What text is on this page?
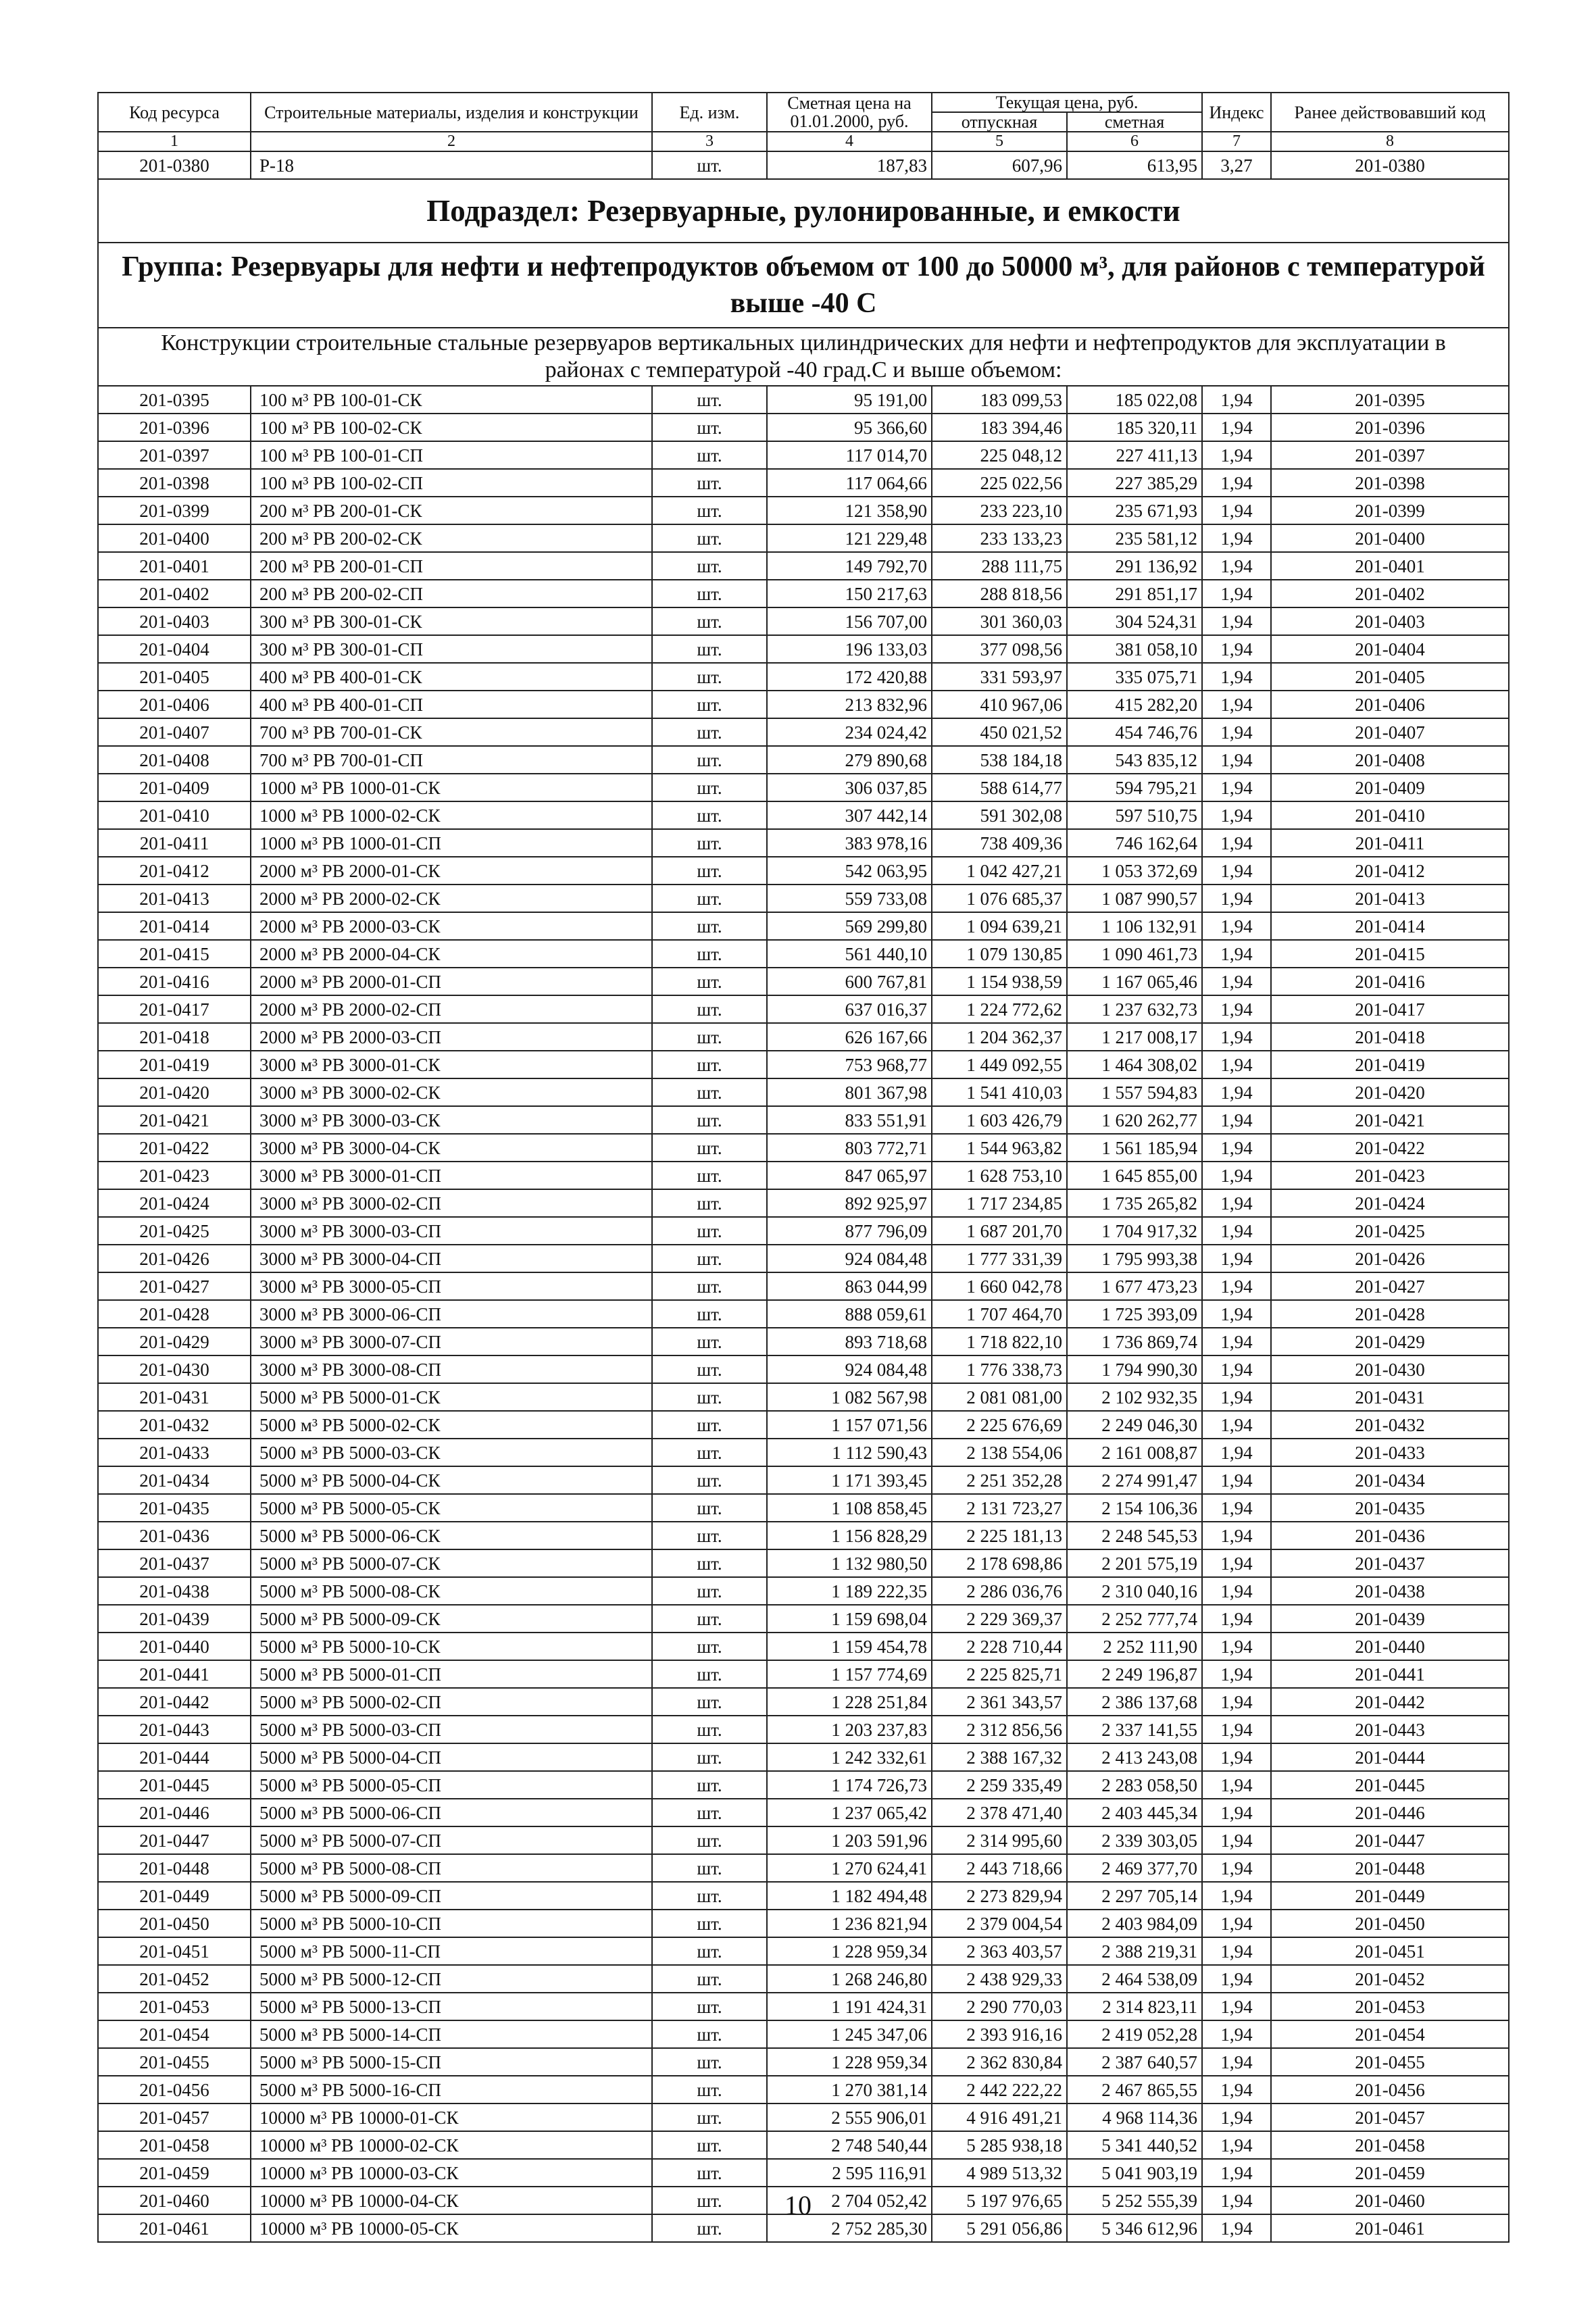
Код ресурса	Строительные материалы, изделия и конструкции	Ед. изм.	Сметная цена на 01.01.2000, руб.	Текущая цена, руб.		Индекс	Ранее действовавший код
				отпускная	сметная		
1	2	3	4	5	6	7	8
201-0380	P-18	шт.	187,83	607,96	613,95	3,27	201-0380
Подраздел: Резервуарные, рулонированные, и емкости							
Группа: Резервуары для нефти и нефтепродуктов объемом от 100 до 50000 м³, для районов с температурой выше -40 С							
Конструкции строительные стальные резервуаров вертикальных цилиндрических для нефти и нефтепродуктов для эксплуатации в районах с температурой -40 град.С и выше объемом:							
201-0395	100 м³ РВ 100-01-СК	шт.	95 191,00	183 099,53	185 022,08	1,94	201-0395
201-0396	100 м³ РВ 100-02-СК	шт.	95 366,60	183 394,46	185 320,11	1,94	201-0396
201-0397	100 м³ РВ 100-01-СП	шт.	117 014,70	225 048,12	227 411,13	1,94	201-0397
201-0398	100 м³ РВ 100-02-СП	шт.	117 064,66	225 022,56	227 385,29	1,94	201-0398
201-0399	200 м³ РВ 200-01-СК	шт.	121 358,90	233 223,10	235 671,93	1,94	201-0399
201-0400	200 м³ РВ 200-02-СК	шт.	121 229,48	233 133,23	235 581,12	1,94	201-0400
201-0401	200 м³ РВ 200-01-СП	шт.	149 792,70	288 111,75	291 136,92	1,94	201-0401
201-0402	200 м³ РВ 200-02-СП	шт.	150 217,63	288 818,56	291 851,17	1,94	201-0402
201-0403	300 м³ РВ 300-01-СК	шт.	156 707,00	301 360,03	304 524,31	1,94	201-0403
201-0404	300 м³ РВ 300-01-СП	шт.	196 133,03	377 098,56	381 058,10	1,94	201-0404
201-0405	400 м³ РВ 400-01-СК	шт.	172 420,88	331 593,97	335 075,71	1,94	201-0405
201-0406	400 м³ РВ 400-01-СП	шт.	213 832,96	410 967,06	415 282,20	1,94	201-0406
201-0407	700 м³ РВ 700-01-СК	шт.	234 024,42	450 021,52	454 746,76	1,94	201-0407
201-0408	700 м³ РВ 700-01-СП	шт.	279 890,68	538 184,18	543 835,12	1,94	201-0408
201-0409	1000 м³ РВ 1000-01-СК	шт.	306 037,85	588 614,77	594 795,21	1,94	201-0409
201-0410	1000 м³ РВ 1000-02-СК	шт.	307 442,14	591 302,08	597 510,75	1,94	201-0410
201-0411	1000 м³ РВ 1000-01-СП	шт.	383 978,16	738 409,36	746 162,64	1,94	201-0411
201-0412	2000 м³ РВ 2000-01-СК	шт.	542 063,95	1 042 427,21	1 053 372,69	1,94	201-0412
201-0413	2000 м³ РВ 2000-02-СК	шт.	559 733,08	1 076 685,37	1 087 990,57	1,94	201-0413
201-0414	2000 м³ РВ 2000-03-СК	шт.	569 299,80	1 094 639,21	1 106 132,91	1,94	201-0414
201-0415	2000 м³ РВ 2000-04-СК	шт.	561 440,10	1 079 130,85	1 090 461,73	1,94	201-0415
201-0416	2000 м³ РВ 2000-01-СП	шт.	600 767,81	1 154 938,59	1 167 065,46	1,94	201-0416
201-0417	2000 м³ РВ 2000-02-СП	шт.	637 016,37	1 224 772,62	1 237 632,73	1,94	201-0417
201-0418	2000 м³ РВ 2000-03-СП	шт.	626 167,66	1 204 362,37	1 217 008,17	1,94	201-0418
201-0419	3000 м³ РВ 3000-01-СК	шт.	753 968,77	1 449 092,55	1 464 308,02	1,94	201-0419
201-0420	3000 м³ РВ 3000-02-СК	шт.	801 367,98	1 541 410,03	1 557 594,83	1,94	201-0420
201-0421	3000 м³ РВ 3000-03-СК	шт.	833 551,91	1 603 426,79	1 620 262,77	1,94	201-0421
201-0422	3000 м³ РВ 3000-04-СК	шт.	803 772,71	1 544 963,82	1 561 185,94	1,94	201-0422
201-0423	3000 м³ РВ 3000-01-СП	шт.	847 065,97	1 628 753,10	1 645 855,00	1,94	201-0423
201-0424	3000 м³ РВ 3000-02-СП	шт.	892 925,97	1 717 234,85	1 735 265,82	1,94	201-0424
201-0425	3000 м³ РВ 3000-03-СП	шт.	877 796,09	1 687 201,70	1 704 917,32	1,94	201-0425
201-0426	3000 м³ РВ 3000-04-СП	шт.	924 084,48	1 777 331,39	1 795 993,38	1,94	201-0426
201-0427	3000 м³ РВ 3000-05-СП	шт.	863 044,99	1 660 042,78	1 677 473,23	1,94	201-0427
201-0428	3000 м³ РВ 3000-06-СП	шт.	888 059,61	1 707 464,70	1 725 393,09	1,94	201-0428
201-0429	3000 м³ РВ 3000-07-СП	шт.	893 718,68	1 718 822,10	1 736 869,74	1,94	201-0429
201-0430	3000 м³ РВ 3000-08-СП	шт.	924 084,48	1 776 338,73	1 794 990,30	1,94	201-0430
201-0431	5000 м³ РВ 5000-01-СК	шт.	1 082 567,98	2 081 081,00	2 102 932,35	1,94	201-0431
201-0432	5000 м³ РВ 5000-02-СК	шт.	1 157 071,56	2 225 676,69	2 249 046,30	1,94	201-0432
201-0433	5000 м³ РВ 5000-03-СК	шт.	1 112 590,43	2 138 554,06	2 161 008,87	1,94	201-0433
201-0434	5000 м³ РВ 5000-04-СК	шт.	1 171 393,45	2 251 352,28	2 274 991,47	1,94	201-0434
201-0435	5000 м³ РВ 5000-05-СК	шт.	1 108 858,45	2 131 723,27	2 154 106,36	1,94	201-0435
201-0436	5000 м³ РВ 5000-06-СК	шт.	1 156 828,29	2 225 181,13	2 248 545,53	1,94	201-0436
201-0437	5000 м³ РВ 5000-07-СК	шт.	1 132 980,50	2 178 698,86	2 201 575,19	1,94	201-0437
201-0438	5000 м³ РВ 5000-08-СК	шт.	1 189 222,35	2 286 036,76	2 310 040,16	1,94	201-0438
201-0439	5000 м³ РВ 5000-09-СК	шт.	1 159 698,04	2 229 369,37	2 252 777,74	1,94	201-0439
201-0440	5000 м³ РВ 5000-10-СК	шт.	1 159 454,78	2 228 710,44	2 252 111,90	1,94	201-0440
201-0441	5000 м³ РВ 5000-01-СП	шт.	1 157 774,69	2 225 825,71	2 249 196,87	1,94	201-0441
201-0442	5000 м³ РВ 5000-02-СП	шт.	1 228 251,84	2 361 343,57	2 386 137,68	1,94	201-0442
201-0443	5000 м³ РВ 5000-03-СП	шт.	1 203 237,83	2 312 856,56	2 337 141,55	1,94	201-0443
201-0444	5000 м³ РВ 5000-04-СП	шт.	1 242 332,61	2 388 167,32	2 413 243,08	1,94	201-0444
201-0445	5000 м³ РВ 5000-05-СП	шт.	1 174 726,73	2 259 335,49	2 283 058,50	1,94	201-0445
201-0446	5000 м³ РВ 5000-06-СП	шт.	1 237 065,42	2 378 471,40	2 403 445,34	1,94	201-0446
201-0447	5000 м³ РВ 5000-07-СП	шт.	1 203 591,96	2 314 995,60	2 339 303,05	1,94	201-0447
201-0448	5000 м³ РВ 5000-08-СП	шт.	1 270 624,41	2 443 718,66	2 469 377,70	1,94	201-0448
201-0449	5000 м³ РВ 5000-09-СП	шт.	1 182 494,48	2 273 829,94	2 297 705,14	1,94	201-0449
201-0450	5000 м³ РВ 5000-10-СП	шт.	1 236 821,94	2 379 004,54	2 403 984,09	1,94	201-0450
201-0451	5000 м³ РВ 5000-11-СП	шт.	1 228 959,34	2 363 403,57	2 388 219,31	1,94	201-0451
201-0452	5000 м³ РВ 5000-12-СП	шт.	1 268 246,80	2 438 929,33	2 464 538,09	1,94	201-0452
201-0453	5000 м³ РВ 5000-13-СП	шт.	1 191 424,31	2 290 770,03	2 314 823,11	1,94	201-0453
201-0454	5000 м³ РВ 5000-14-СП	шт.	1 245 347,06	2 393 916,16	2 419 052,28	1,94	201-0454
201-0455	5000 м³ РВ 5000-15-СП	шт.	1 228 959,34	2 362 830,84	2 387 640,57	1,94	201-0455
201-0456	5000 м³ РВ 5000-16-СП	шт.	1 270 381,14	2 442 222,22	2 467 865,55	1,94	201-0456
201-0457	10000 м³ РВ 10000-01-СК	шт.	2 555 906,01	4 916 491,21	4 968 114,36	1,94	201-0457
201-0458	10000 м³ РВ 10000-02-СК	шт.	2 748 540,44	5 285 938,18	5 341 440,52	1,94	201-0458
201-0459	10000 м³ РВ 10000-03-СК	шт.	2 595 116,91	4 989 513,32	5 041 903,19	1,94	201-0459
201-0460	10000 м³ РВ 10000-04-СК	шт.	2 704 052,42	5 197 976,65	5 252 555,39	1,94	201-0460
201-0461	10000 м³ РВ 10000-05-СК	шт.	2 752 285,30	5 291 056,86	5 346 612,96	1,94	201-0461
10
